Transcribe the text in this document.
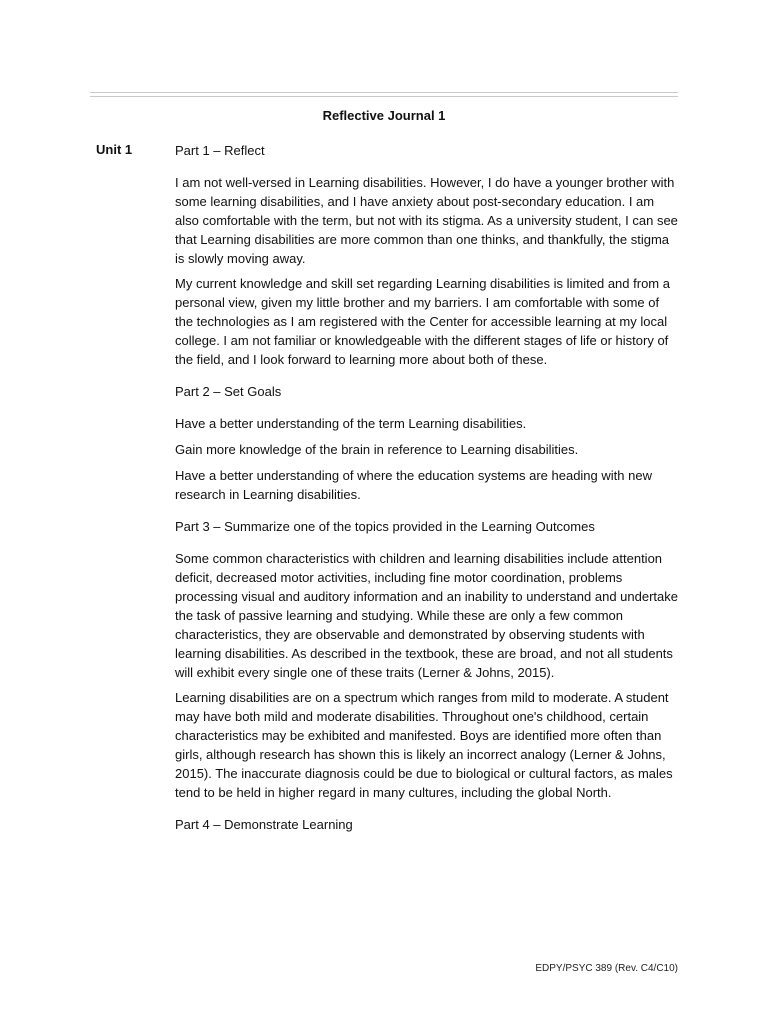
Reflective Journal 1
Unit 1	Part 1 – Reflect
I am not well-versed in Learning disabilities. However, I do have a younger brother with some learning disabilities, and I have anxiety about post-secondary education. I am also comfortable with the term, but not with its stigma. As a university student, I can see that Learning disabilities are more common than one thinks, and thankfully, the stigma is slowly moving away.
My current knowledge and skill set regarding Learning disabilities is limited and from a personal view, given my little brother and my barriers. I am comfortable with some of the technologies as I am registered with the Center for accessible learning at my local college. I am not familiar or knowledgeable with the different stages of life or history of the field, and I look forward to learning more about both of these.
Part 2 – Set Goals
Have a better understanding of the term Learning disabilities.
Gain more knowledge of the brain in reference to Learning disabilities.
Have a better understanding of where the education systems are heading with new research in Learning disabilities.
Part 3 – Summarize one of the topics provided in the Learning Outcomes
Some common characteristics with children and learning disabilities include attention deficit, decreased motor activities, including fine motor coordination, problems processing visual and auditory information and an inability to understand and undertake the task of passive learning and studying. While these are only a few common characteristics, they are observable and demonstrated by observing students with learning disabilities. As described in the textbook, these are broad, and not all students will exhibit every single one of these traits (Lerner & Johns, 2015).
Learning disabilities are on a spectrum which ranges from mild to moderate. A student may have both mild and moderate disabilities. Throughout one's childhood, certain characteristics may be exhibited and manifested. Boys are identified more often than girls, although research has shown this is likely an incorrect analogy (Lerner & Johns, 2015). The inaccurate diagnosis could be due to biological or cultural factors, as males tend to be held in higher regard in many cultures, including the global North.
Part 4 – Demonstrate Learning
EDPY/PSYC 389 (Rev. C4/C10)
